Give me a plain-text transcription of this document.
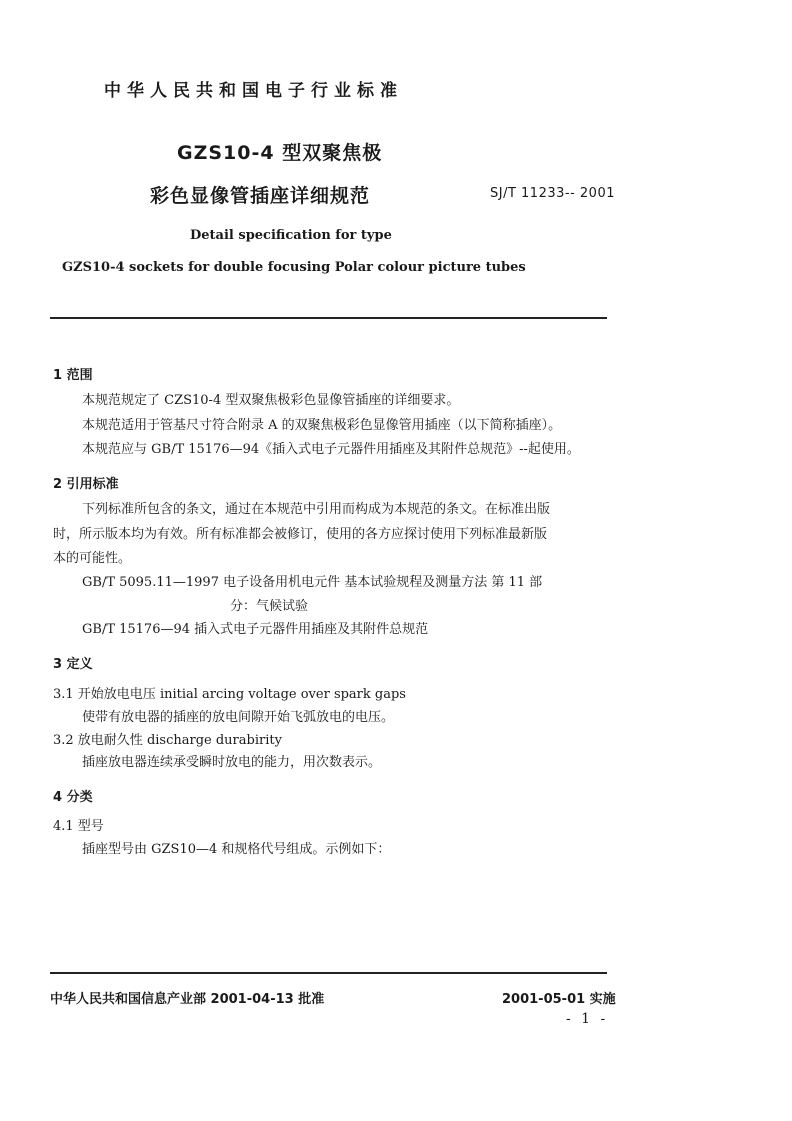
中华人民共和国电子行业标准
GZS10-4 型双聚焦极
彩色显像管插座详细规范	SJ/T 11233-- 2001
Detail specification for type
GZS10-4 sockets for double focusing Polar colour picture tubes
1 范围
本规范规定了 CZS10-4 型双聚焦极彩色显像管插座的详细要求。
本规范适用于管基尺寸符合附录 A 的双聚焦极彩色显像管用插座（以下简称插座）。
本规范应与 GB/T 15176—94《插入式电子元器件用插座及其附件总规范》--起使用。
2 引用标准
下列标准所包含的条文，通过在本规范中引用而构成为本规范的条文。在标准出版
时，所示版本均为有效。所有标准都会被修订，使用的各方应探讨使用下列标准最新版
本的可能性。
GB/T 5095.11—1997 电子设备用机电元件 基本试验规程及测量方法 第 11 部
分：气候试验
GB/T 15176—94 插入式电子元器件用插座及其附件总规范
3 定义
3.1 开始放电电压 initial arcing voltage over spark gaps
使带有放电器的插座的放电间隙开始飞弧放电的电压。
3.2 放电耐久性 discharge durabirity
插座放电器连续承受瞬时放电的能力，用次数表示。
4 分类
4.1 型号
插座型号由 GZS10—4 和规格代号组成。示例如下：
中华人民共和国信息产业部 2001-04-13 批准	2001-05-01 实施
- 1 -
